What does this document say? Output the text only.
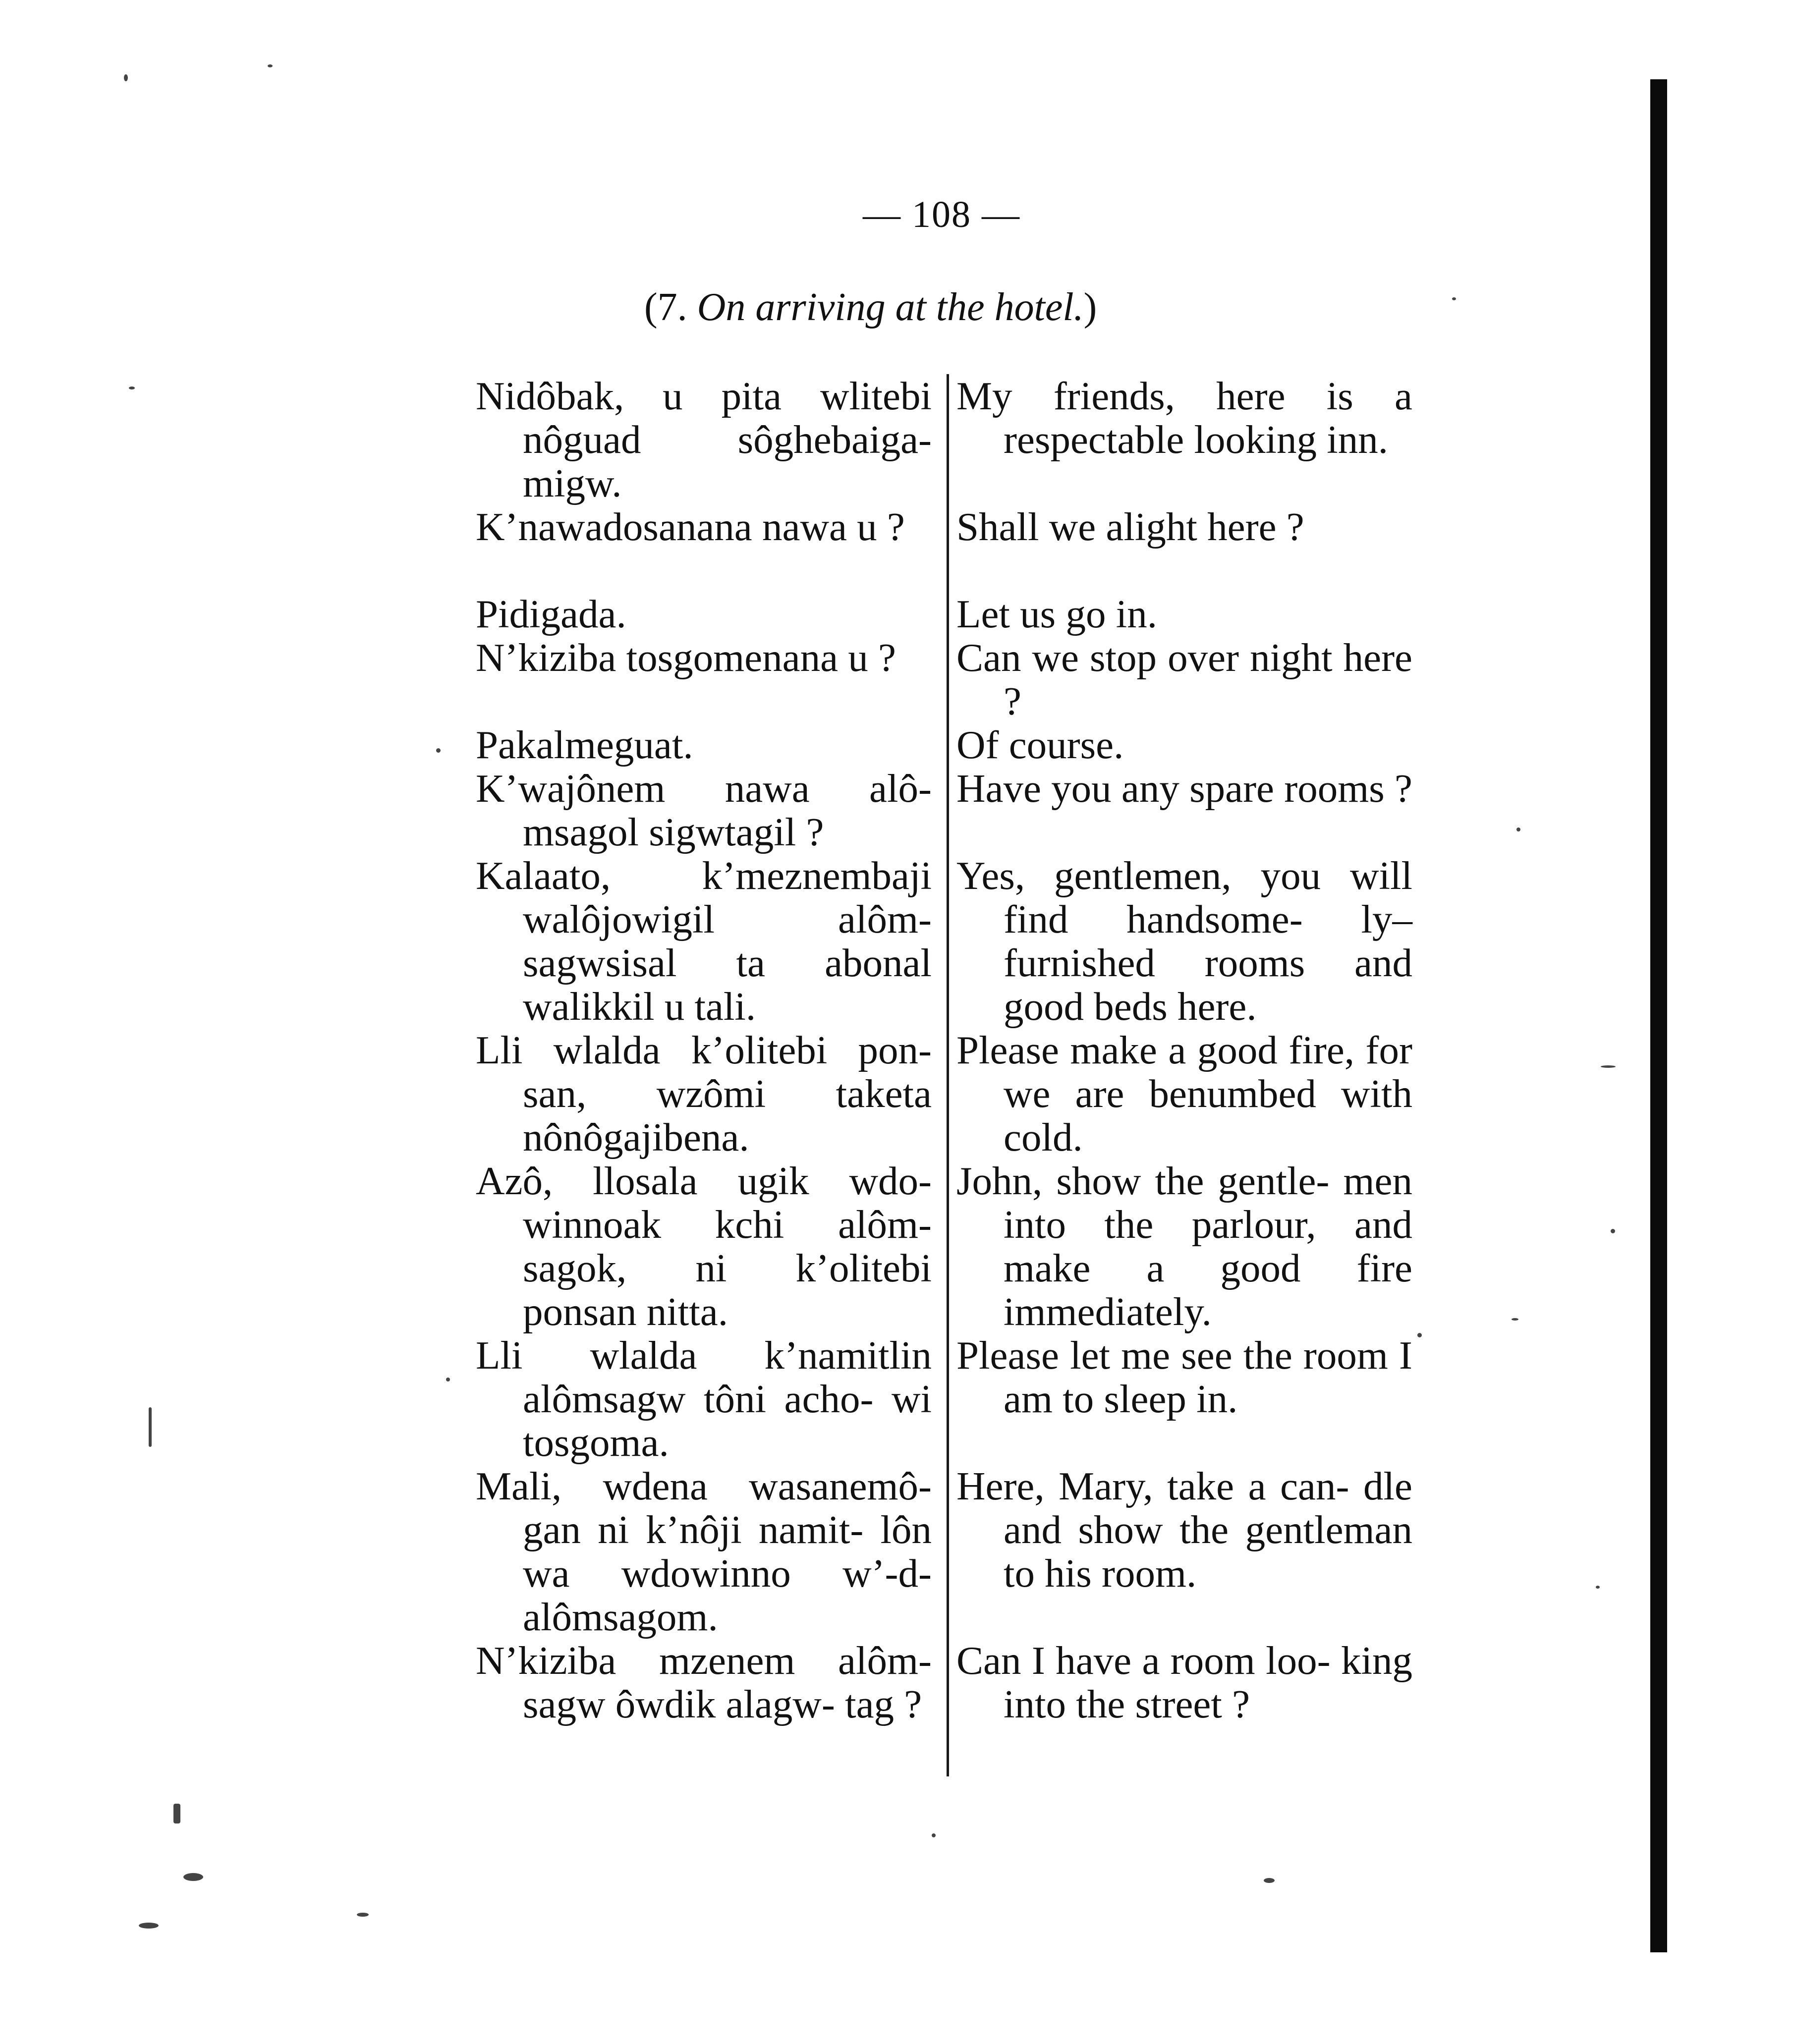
— 108 —
(7. On arriving at the hotel.)
Nidôbak, u pita wlitebi nôguad sôghebaiga- migw.
K’nawadosanana nawa u ?
Pidigada.
N’kiziba tosgomenana u ?
Pakalmeguat.
K’wajônem nawa alô- msagol sigwtagil ?
Kalaato, k’meznembaji walôjowigil alôm- sagwsisal ta abonal walikkil u tali.
Lli wlalda k’olitebi pon- san, wzômi taketa nônôgajibena.
Azô, llosala ugik wdo- winnoak kchi alôm- sagok, ni k’olitebi ponsan nitta.
Lli wlalda k’namitlin alômsagw tôni acho- wi tosgoma.
Mali, wdena wasanemô- gan ni k’nôji namit- lôn wa wdowinno w’-d-alômsagom.
N’kiziba mzenem alôm- sagw ôwdik alagw- tag ?
My friends, here is a respectable looking inn.
Shall we alight here ?
Let us go in.
Can we stop over night here ?
Of course.
Have you any spare rooms ?
Yes, gentlemen, you will find handsome- ly–furnished rooms and good beds here.
Please make a good fire, for we are benumbed with cold.
John, show the gentle- men into the parlour, and make a good fire immediately.
Please let me see the room I am to sleep in.
Here, Mary, take a can- dle and show the gentleman to his room.
Can I have a room loo- king into the street ?
